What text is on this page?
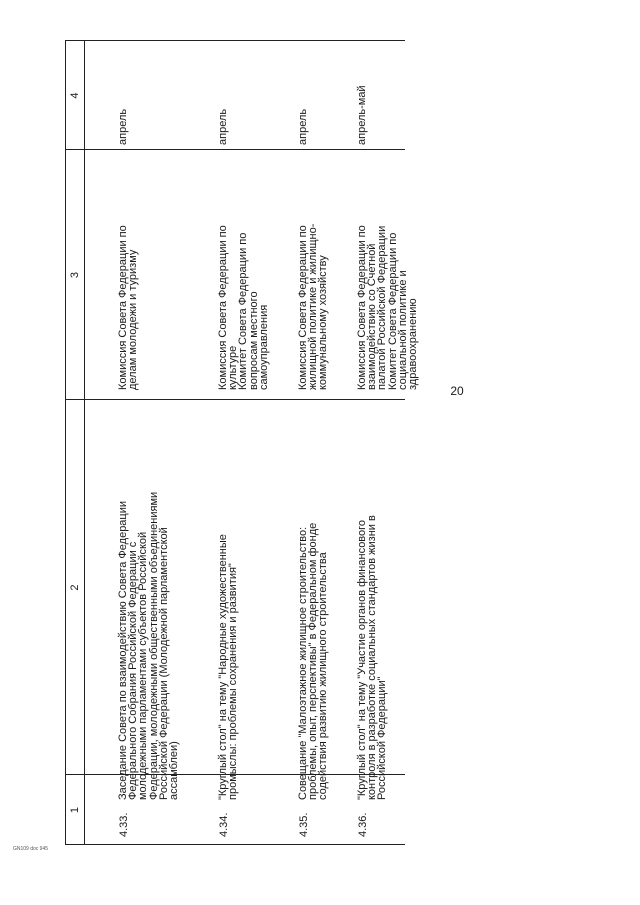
20
1
2
3
4
4.33.
Заседание Совета по взаимодействию Совета Федерации
Федерального Собрания Российской Федерации с
молодежными парламентами субъектов Российской
Федерации, молодежными общественными объединениями
Российской Федерации (Молодежной парламентской
ассамблеи)
Комиссия Совета Федерации по
делам молодежи и туризму
апрель
4.34.
"Круглый стол" на тему "Народные художественные
промыслы: проблемы сохранения и развития"
Комиссия Совета Федерации по
культуре
Комитет Совета Федерации по
вопросам местного
самоуправления
апрель
4.35.
Совещание "Малоэтажное жилищное строительство:
проблемы, опыт, перспективы" в Федеральном фонде
содействия развитию жилищного строительства
Комиссия Совета Федерации по
жилищной политике и жилищно-
коммунальному хозяйству
апрель
4.36.
"Круглый стол" на тему "Участие органов финансового
контроля в разработке социальных стандартов жизни в
Российской Федерации"
Комиссия Совета Федерации по
взаимодействию со Счетной
палатой Российской Федерации
Комитет Совета Федерации по
социальной политике и
здравоохранению
апрель-май
GN109 doc 945
